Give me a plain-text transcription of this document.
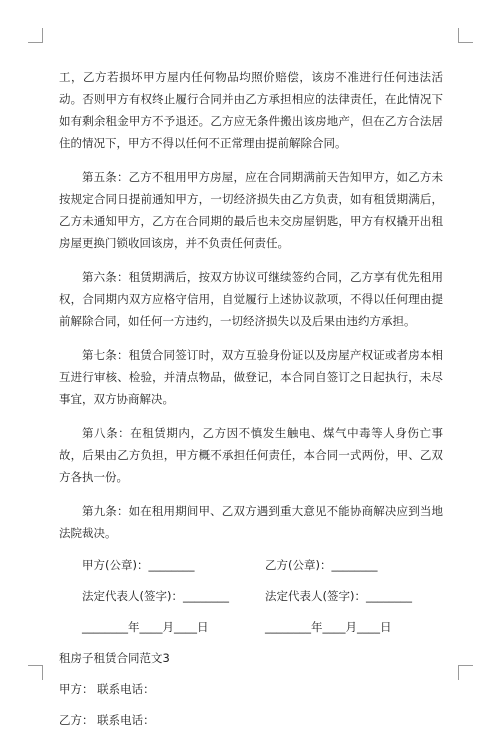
工，乙方若损坏甲方屋内任何物品均照价赔偿，该房不准进行任何违法活动。否则甲方有权终止履行合同并由乙方承担相应的法律责任，在此情况下如有剩余租金甲方不予退还。乙方应无条件搬出该房地产，但在乙方合法居住的情况下，甲方不得以任何不正常理由提前解除合同。

第五条：乙方不租用甲方房屋，应在合同期满前天告知甲方，如乙方未按规定合同日提前通知甲方，一切经济损失由乙方负责，如有租赁期满后，乙方未通知甲方，乙方在合同期的最后也未交房屋钥匙，甲方有权撬开出租房屋更换门锁收回该房，并不负责任何责任。

第六条：租赁期满后，按双方协议可继续签约合同，乙方享有优先租用权，合同期内双方应格守信用，自觉履行上述协议款项，不得以任何理由提前解除合同，如任何一方违约，一切经济损失以及后果由违约方承担。

第七条：租赁合同签订时，双方互验身份证以及房屋产权证或者房本相互进行审核、检验，并清点物品，做登记，本合同自签订之日起执行，未尽事宜，双方协商解决。

第八条：在租赁期内，乙方因不慎发生触电、煤气中毒等人身伤亡事故，后果由乙方负担，甲方概不承担任何责任，本合同一式两份，甲、乙双方各执一份。

第九条：如在租用期间甲、乙双方遇到重大意见不能协商解决应到当地法院裁决。

甲方(公章)：________	乙方(公章)：________
法定代表人(签字)：________	法定代表人(签字)：________
________年____月____日	________年____月____日
租房子租赁合同范文3
甲方： 联系电话：
乙方： 联系电话：
